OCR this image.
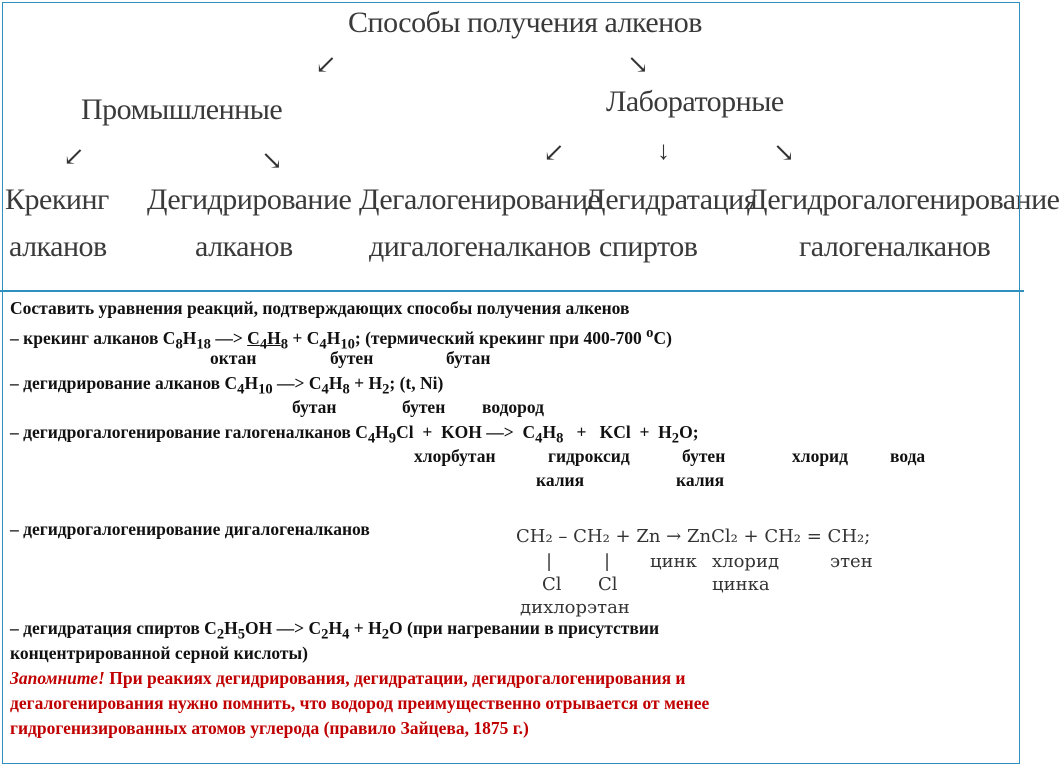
Способы получения алкенов
↙	↘
Промышленные	Лабораторные
↙	↘	↙	↓	↘
Крекинг
алканов
Дегидрирование
алканов
Дегалогенирование
дигалогеналканов
Дегидратация
спиртов
Дегидрогалогенирование
галогеналканов
Составить уравнения реакций, подтверждающих способы получения алкенов
– крекинг алканов $C_8H_{18}$ —> $C_4H_8 + C_4H_{10}$; (термический крекинг при 400-700 $^о$С)
октан	бутен	бутан
– дегидрирование алканов $C_4H_{10}$ —> $C_4H_8 + H_2$; (t, Ni)
бутан	бутен водород
– дегидрогалогенирование галогеналканов $C_4H_9Cl$  +  KOH —>  $C_4H_8$   +   KCl  +  $H_2O$;
хлорбутан	гидроксид	бутен	хлорид вода
калия	калия
– дегидрогалогенирование дигалогеналканов
– дегидратация спиртов $C_2H_5OH$ —> $C_2H_4 + H_2O$ (при нагревании в присутствии
концентрированной серной кислоты)
Запомните! При реакиях дегидрирования, дегидратации, дегидрогалогенирования и
дегалогенирования нужно помнить, что водород преимущественно отрывается от менее
гидрогенизированных атомов углерода (правило Зайцева, 1875 г.)
CH₂ – CH₂ + Zn → ZnCl₂ + CH₂ = CH₂;
|	| цинк хлорид	этен
Cl Cl	цинка
дихлорэтан
